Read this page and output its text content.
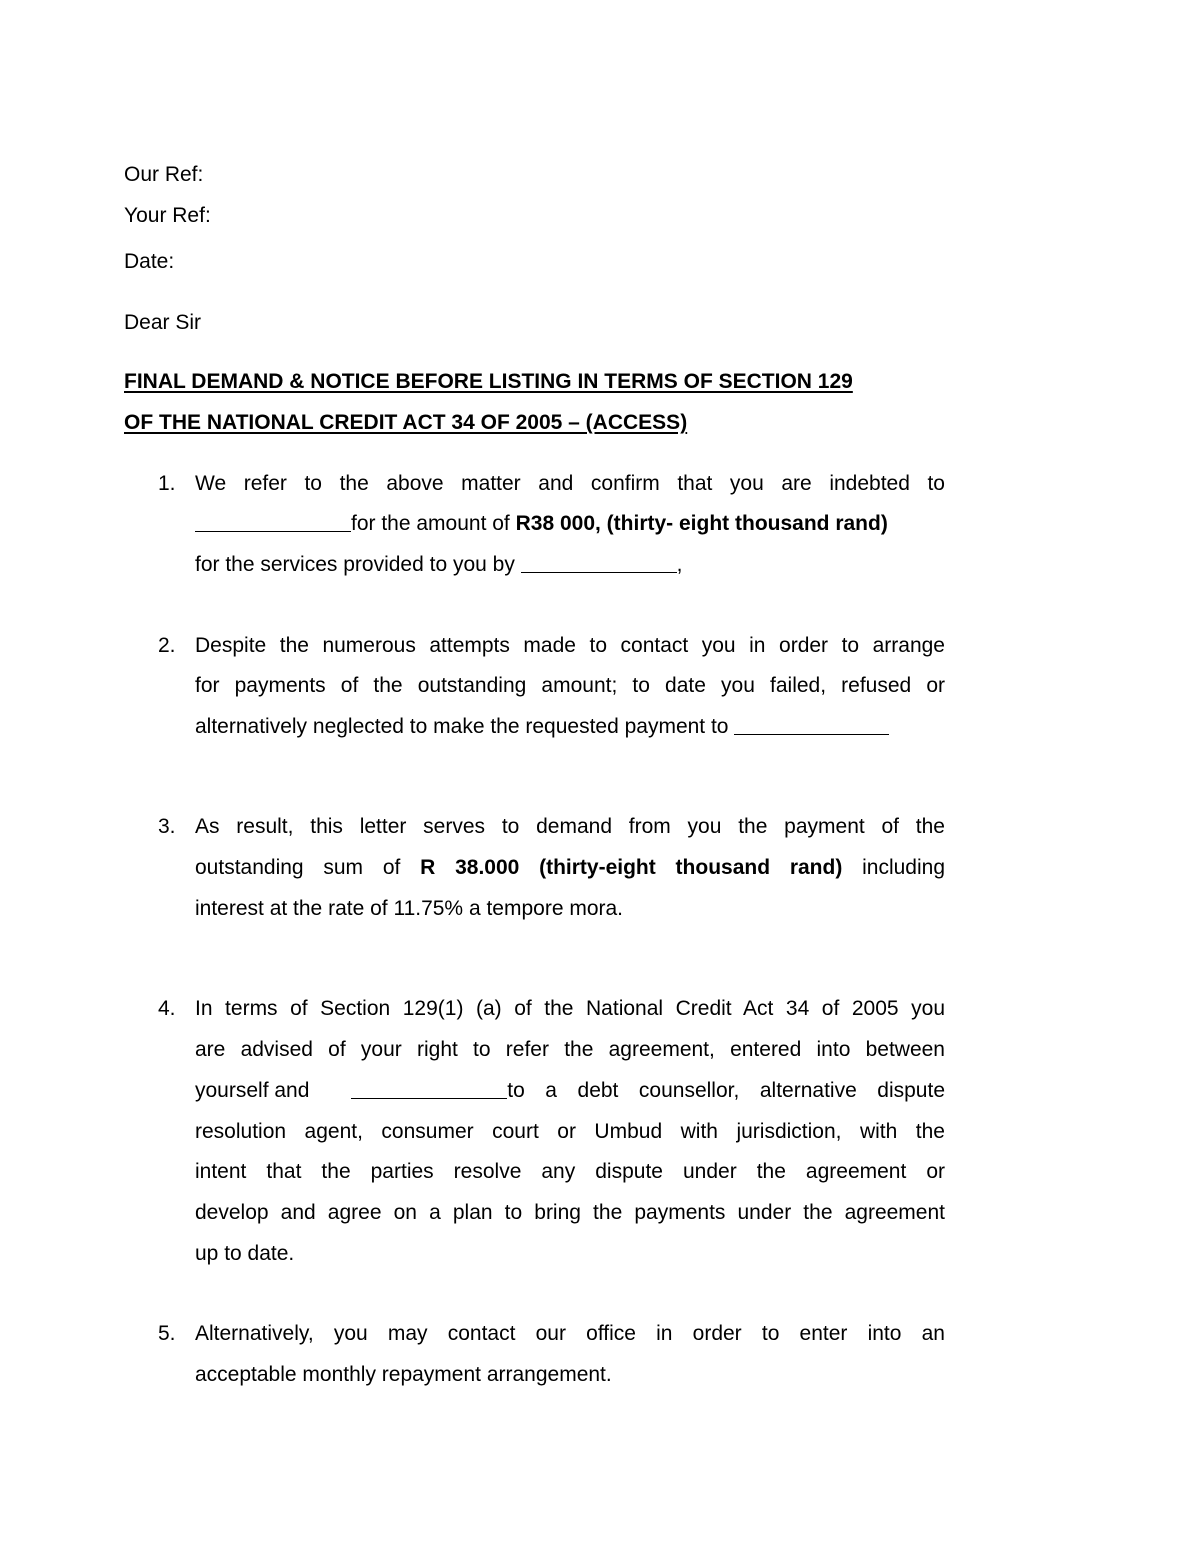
Our Ref:
Your Ref:
Date:
Dear Sir
FINAL DEMAND & NOTICE BEFORE LISTING IN TERMS OF SECTION 129
OF THE NATIONAL CREDIT ACT 34 OF 2005 – (ACCESS)
1. We refer to the above matter and confirm that you are indebted to
for the amount of R38 000, (thirty- eight thousand rand)
for the services provided to you by	,
2. Despite the numerous attempts made to contact you in order to arrange
for payments of the outstanding amount; to date you failed, refused or
alternatively neglected to make the requested payment to
3. As result, this letter serves to demand from you the payment of the
outstanding sum of R 38.000 (thirty-eight thousand rand) including
interest at the rate of 11.75% a tempore mora.
4. In terms of Section 129(1) (a) of the National Credit Act 34 of 2005 you
are advised of your right to refer the agreement, entered into between
yourself and	to a debt counsellor, alternative dispute
resolution agent, consumer court or Umbud with jurisdiction, with the
intent that the parties resolve any dispute under the agreement or
develop and agree on a plan to bring the payments under the agreement
up to date.
5. Alternatively, you may contact our office in order to enter into an
acceptable monthly repayment arrangement.
